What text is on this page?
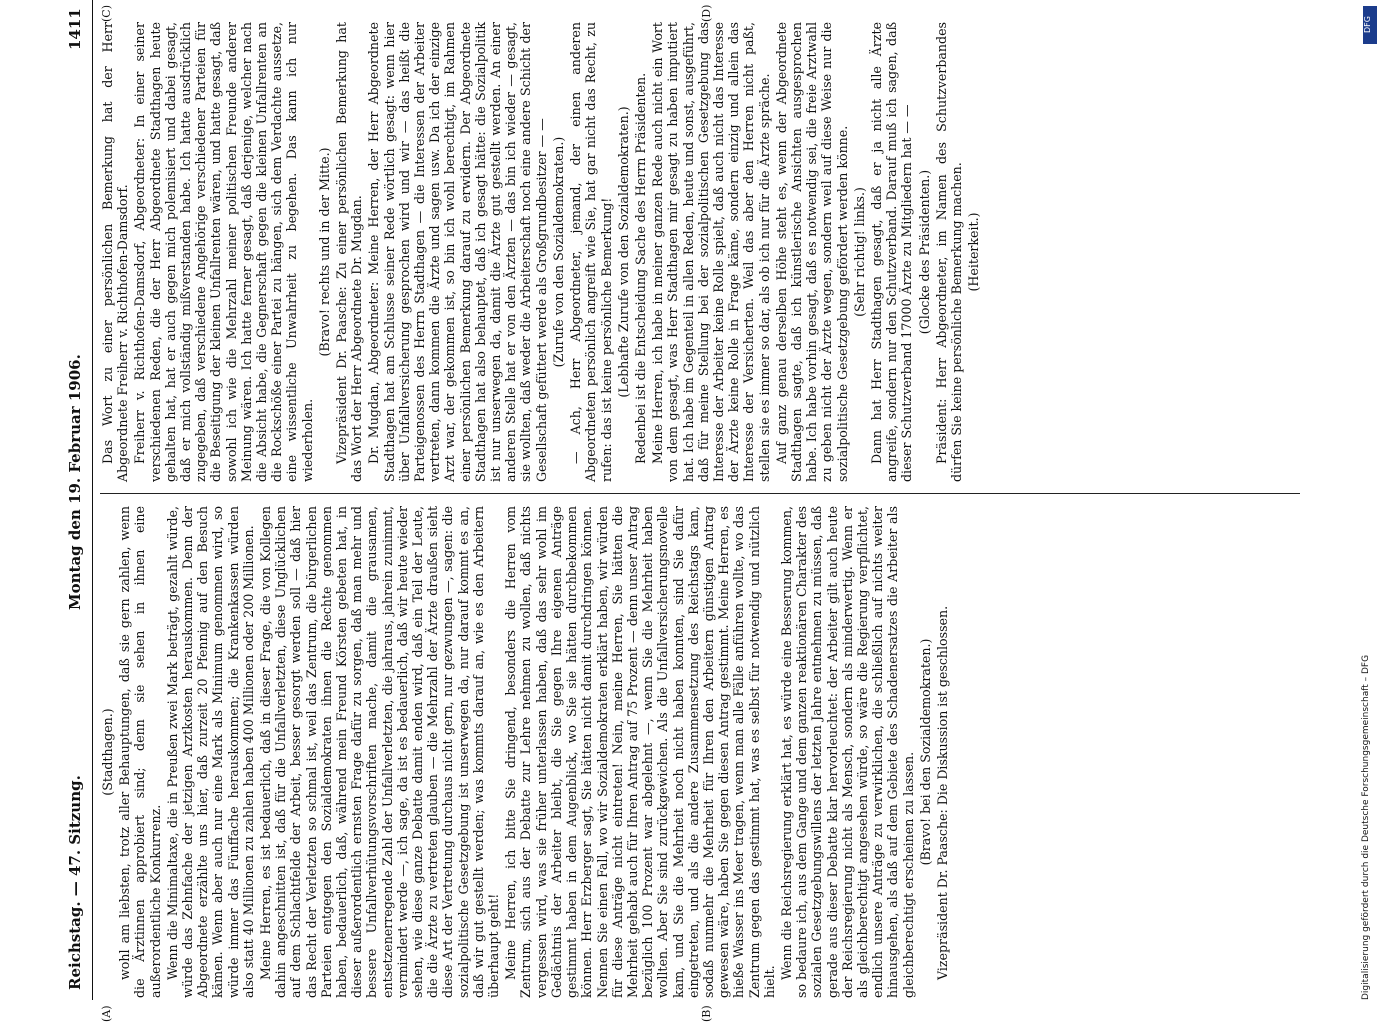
Reichstag. — 47. Sitzung.
Montag den 19. Februar 1906.
1411
(A)	(B)
(C)	(D)

(Stadthagen.) wohl am liebsten, trotz aller Behauptungen, daß sie gern zahlen, wenn die Ärztinnen approbiert sind; denn sie sehen in ihnen eine außerordentliche Konkurrenz. Wenn die Minimaltaxe, die in Preußen zwei Mark beträgt, gezahlt würde, würde das Zehnfache der jetzigen Arztkosten herauskommen. Denn der Abgeordnete erzählte uns hier, daß zurzeit 20 Pfennig auf den Besuch kämen. Wenn aber auch nur eine Mark als Minimum genommen wird, so würde immer das Fünffache herauskommen; die Krankenkassen würden also statt 40 Millionen zu zahlen haben 400 Millionen oder 200 Millionen. Meine Herren, es ist bedauerlich, daß in dieser Frage, die von Kollegen dahin angeschnitten ist, daß für die Unfallverletzten, diese Unglücklichen auf dem Schlachtfelde der Arbeit, besser gesorgt werden soll — daß hier das Recht der Verletzten so schmal ist, weil das Zentrum, die bürgerlichen Parteien entgegen den Sozialdemokraten ihnen die Rechte genommen haben, bedauerlich, daß, während mein Freund Körsten gebeten hat, in dieser außerordentlich ernsten Frage dafür zu sorgen, daß man mehr und bessere Unfallverhütungsvorschriften mache, damit die grausamen, entsetzenerregende Zahl der Unfallverletzten, die jahraus, jahrein zunimmt, vermindert werde —, ich sage, da ist es bedauerlich, daß wir heute wieder sehen, wie diese ganze Debatte damit enden wird, daß ein Teil der Leute, die die Ärzte zu vertreten glauben — die Mehrzahl der Ärzte draußen sieht diese Art der Vertretung durchaus nicht gern, nur gezwungen —, sagen: die sozialpolitische Gesetzgebung ist unserwegen da, nur darauf kommt es an, daß wir gut gestellt werden; was kommts darauf an, wie es den Arbeitern überhaupt geht! Meine Herren, ich bitte Sie dringend, besonders die Herren vom Zentrum, sich aus der Debatte zur Lehre nehmen zu wollen, daß nichts vergessen wird, was sie früher unterlassen haben, daß das sehr wohl im Gedächtnis der Arbeiter bleibt, die Sie gegen Ihre eigenen Anträge gestimmt haben in dem Augenblick, wo Sie sie hätten durchbekommen können. Herr Erzberger sagt, Sie hätten nicht damit durchdringen können. Nennen Sie einen Fall, wo wir Sozialdemokraten erklärt haben, wir würden für diese Anträge nicht eintreten! Nein, meine Herren, Sie hätten die Mehrheit gehabt auch für Ihren Antrag auf 75 Prozent — denn unser Antrag bezüglich 100 Prozent war abgelehnt —, wenn Sie die Mehrheit haben wollten. Aber Sie sind zurückgewichen. Als die Unfallversicherungsnovelle kam, und Sie die Mehrheit noch nicht haben konnten, sind Sie dafür eingetreten, und als die andere Zusammensetzung des Reichstags kam, sodaß nunmehr die Mehrheit für Ihren den Arbeitern günstigen Antrag gewesen wäre, haben Sie gegen diesen Antrag gestimmt. Meine Herren, es hieße Wasser ins Meer tragen, wenn man alle Fälle anführen wollte, wo das Zentrum gegen das gestimmt hat, was es selbst für notwendig und nützlich hielt.

Wenn die Reichsregierung erklärt hat, es würde eine Besserung kommen, so bedaure ich, aus dem Gange und dem ganzen reaktionären Charakter des sozialen Gesetzgebungswillens der letzten Jahre entnehmen zu müssen, daß gerade aus dieser Debatte klar hervorleuchtet: der Arbeiter gilt auch heute der Reichsregierung nicht als Mensch, sondern als minderwertig. Wenn er als gleichberechtigt angesehen würde, so wäre die Regierung verpflichtet, endlich unsere Anträge zu verwirklichen, die schließlich auf nichts weiter hinausgehen, als daß auf dem Gebiete des Schadenersatzes die Arbeiter als gleichberechtigt erscheinen zu lassen. (Bravo! bei den Sozialdemokraten.) Vizepräsident Dr. Paasche: Die Diskussion ist geschlossen.

Das Wort zu einer persönlichen Bemerkung hat der Herr Abgeordnete Freiherr v. Richthofen-Damsdorf. Freiherr v. Richthofen-Damsdorf, Abgeordneter: In einer seiner verschiedenen Reden, die der Herr Abgeordnete Stadthagen heute gehalten hat, hat er auch gegen mich polemisiert und dabei gesagt, daß er mich vollständig mißverstanden habe. Ich hatte ausdrücklich zugegeben, daß verschiedene Angehörige verschiedener Parteien für die Beseitigung der kleinen Unfallrenten wären, und hatte gesagt, daß sowohl ich wie die Mehrzahl meiner politischen Freunde anderer Meinung wären. Ich hatte ferner gesagt, daß derjenige, welcher nach die Absicht habe, die Gegnerschaft gegen die kleinen Unfallrenten an die Rockschöße einer Partei zu hängen, sich dem Verdachte aussetze, eine wissentliche Unwahrheit zu begehen. Das kann ich nur wiederholen.

(Bravo! rechts und in der Mitte.) Vizepräsident Dr. Paasche: Zu einer persönlichen Bemerkung hat das Wort der Herr Abgeordnete Dr. Mugdan. Dr. Mugdan, Abgeordneter: Meine Herren, der Herr Abgeordnete Stadthagen hat am Schlusse seiner Rede wörtlich gesagt: wenn hier über Unfallversicherung gesprochen wird und wir — das heißt die Parteigenossen des Herrn Stadthagen — die Interessen der Arbeiter vertreten, dann kommen die Ärzte und sagen usw. Da ich der einzige Arzt war, der gekommen ist, so bin ich wohl berechtigt, im Rahmen einer persönlichen Bemerkung darauf zu erwidern. Der Abgeordnete Stadthagen hat also behauptet, daß ich gesagt hätte: die Sozialpolitik ist nur unserwegen da, damit die Ärzte gut gestellt werden. An einer anderen Stelle hat er von den Ärzten — das bin ich wieder — gesagt, sie wollten, daß weder die Arbeiterschaft noch eine andere Schicht der Gesellschaft gefüttert werde als Großgrundbesitzer — — (Zurufe von den Sozialdemokraten.) — Ach, Herr Abgeordneter, jemand, der einen anderen Abgeordneten persönlich angreift wie Sie, hat gar nicht das Recht, zu rufen: das ist keine persönliche Bemerkung! (Lebhafte Zurufe von den Sozialdemokraten.) Redenbei ist die Entscheidung Sache des Herrn Präsidenten. Meine Herren, ich habe in meiner ganzen Rede auch nicht ein Wort von dem gesagt, was Herr Stadthagen mir gesagt zu haben imputiert hat. Ich habe im Gegenteil in allen Reden, heute und sonst, ausgeführt, daß für meine Stellung bei der sozialpolitischen Gesetzgebung das Interesse der Arbeiter keine Rolle spielt, daß auch nicht das Interesse der Ärzte keine Rolle in Frage käme, sondern einzig und allein das Interesse der Versicherten. Weil das aber den Herren nicht paßt, stellen sie es immer so dar, als ob ich nur für die Ärzte spräche. Auf ganz genau derselben Höhe steht es, wenn der Abgeordnete Stadthagen sagte, daß ich künstlerische Ansichten ausgesprochen habe. Ich habe vorhin gesagt, daß es notwendig sei, die freie Arztwahl zu geben nicht der Ärzte wegen, sondern weil auf diese Weise nur die sozialpolitische Gesetzgebung gefördert werden könne. (Sehr richtig! links.) Dann hat Herr Stadthagen gesagt, daß er ja nicht alle Ärzte angreife, sondern nur den Schutzverband. Darauf muß ich sagen, daß dieser Schutzverband 17000 Ärzte zu Mitgliedern hat — — (Glocke des Präsidenten.) Präsident: Herr Abgeordneter, im Namen des Schutzverbandes dürfen Sie keine persönliche Bemerkung machen. (Heiterkeit.)

DFG
Digitalisierung gefördert durch die Deutsche Forschungsgemeinschaft – DFG
